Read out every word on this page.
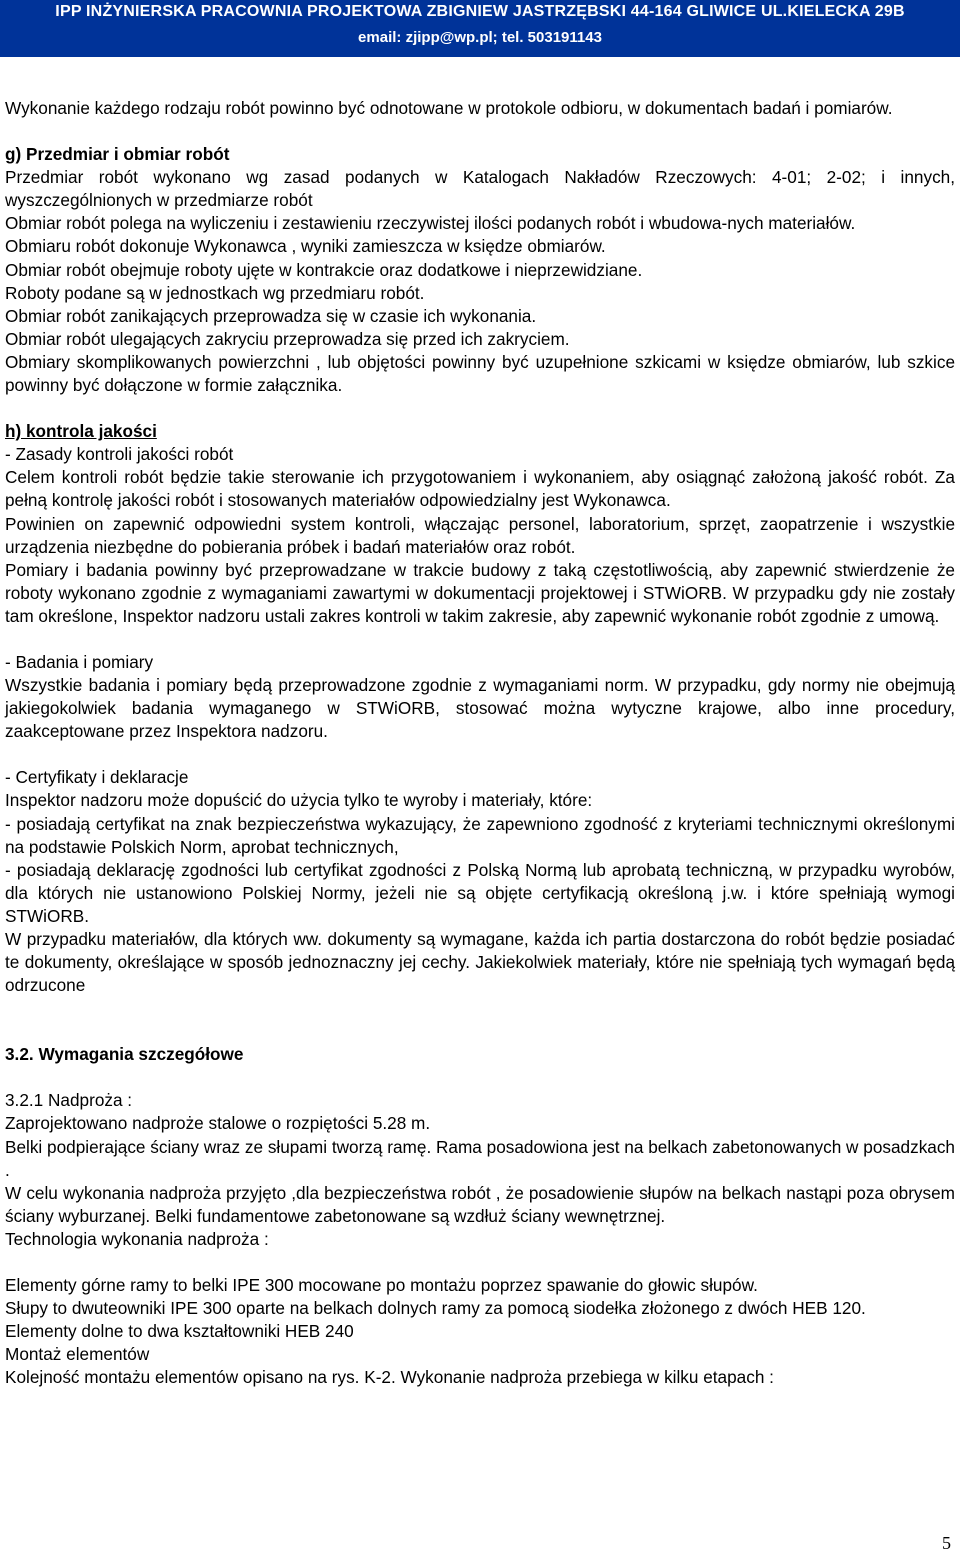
IPP INŻYNIERSKA PRACOWNIA PROJEKTOWA ZBIGNIEW JASTRZĘBSKI 44-164 GLIWICE UL.KIELECKA 29B
email: zjipp@wp.pl; tel. 503191143

Wykonanie każdego rodzaju robót powinno być odnotowane w protokole odbioru, w dokumentach badań i pomiarów.

g) Przedmiar i obmiar robót

Przedmiar robót wykonano wg zasad podanych w Katalogach Nakładów Rzeczowych: 4-01; 2-02; i innych, wyszczególnionych w przedmiarze robót

Obmiar robót polega na wyliczeniu i zestawieniu rzeczywistej ilości podanych robót i wbudowa-nych materiałów.

Obmiaru robót dokonuje Wykonawca , wyniki zamieszcza w księdze obmiarów.

Obmiar robót obejmuje roboty ujęte w kontrakcie oraz dodatkowe i nieprzewidziane.

Roboty podane są w jednostkach wg przedmiaru robót.

Obmiar robót zanikających przeprowadza się w czasie ich wykonania.

Obmiar robót ulegających zakryciu przeprowadza się przed ich zakryciem.

Obmiary skomplikowanych powierzchni , lub objętości powinny być uzupełnione szkicami w księdze obmiarów, lub szkice powinny być dołączone w formie załącznika.

h) kontrola jakości

- Zasady kontroli jakości robót

Celem kontroli robót będzie takie sterowanie ich przygotowaniem i wykonaniem, aby osiągnąć założoną jakość robót. Za pełną kontrolę jakości robót i stosowanych materiałów odpowiedzialny jest Wykonawca.

Powinien on zapewnić odpowiedni system kontroli, włączając personel, laboratorium, sprzęt, zaopatrzenie i wszystkie urządzenia niezbędne do pobierania próbek i badań materiałów oraz robót.

Pomiary i badania powinny być przeprowadzane w trakcie budowy z taką częstotliwością, aby zapewnić stwierdzenie że roboty wykonano zgodnie z wymaganiami zawartymi w dokumentacji projektowej i STWiORB. W przypadku gdy nie zostały tam określone, Inspektor nadzoru ustali zakres kontroli w takim zakresie, aby zapewnić wykonanie robót zgodnie z umową.

- Badania i pomiary

Wszystkie badania i pomiary będą przeprowadzone zgodnie z wymaganiami norm. W przypadku, gdy normy nie obejmują jakiegokolwiek badania wymaganego w STWiORB, stosować można wytyczne krajowe, albo inne procedury, zaakceptowane przez Inspektora nadzoru.

- Certyfikaty i deklaracje

Inspektor nadzoru może dopuścić do użycia tylko te wyroby i materiały, które:

- posiadają certyfikat na znak bezpieczeństwa wykazujący, że zapewniono zgodność z kryteriami technicznymi określonymi na podstawie Polskich Norm, aprobat technicznych,

- posiadają deklarację zgodności lub certyfikat zgodności z Polską Normą lub aprobatą techniczną, w przypadku wyrobów, dla których nie ustanowiono Polskiej Normy, jeżeli nie są objęte certyfikacją określoną j.w. i które spełniają wymogi STWiORB.

W przypadku materiałów, dla których ww. dokumenty są wymagane, każda ich partia dostarczona do robót będzie posiadać te dokumenty, określające w sposób jednoznaczny jej cechy. Jakiekolwiek materiały, które nie spełniają tych wymagań będą odrzucone

3.2. Wymagania szczegółowe

3.2.1 Nadproża :

Zaprojektowano nadproże stalowe o rozpiętości 5.28 m.

Belki podpierające ściany wraz ze słupami tworzą ramę. Rama posadowiona jest na belkach zabetonowanych w posadzkach .

W celu wykonania nadproża przyjęto ,dla bezpieczeństwa robót , że posadowienie słupów na belkach nastąpi poza obrysem ściany wyburzanej. Belki fundamentowe zabetonowane są wzdłuż ściany wewnętrznej.

Technologia wykonania nadproża :

Elementy górne ramy to belki IPE 300 mocowane po montażu poprzez spawanie do głowic słupów.

Słupy to dwuteowniki IPE 300 oparte na belkach dolnych ramy za pomocą siodełka złożonego z dwóch HEB 120.

Elementy dolne to dwa kształtowniki HEB 240

Montaż elementów

Kolejność montażu elementów opisano na rys. K-2. Wykonanie nadproża przebiega w kilku etapach :

5
